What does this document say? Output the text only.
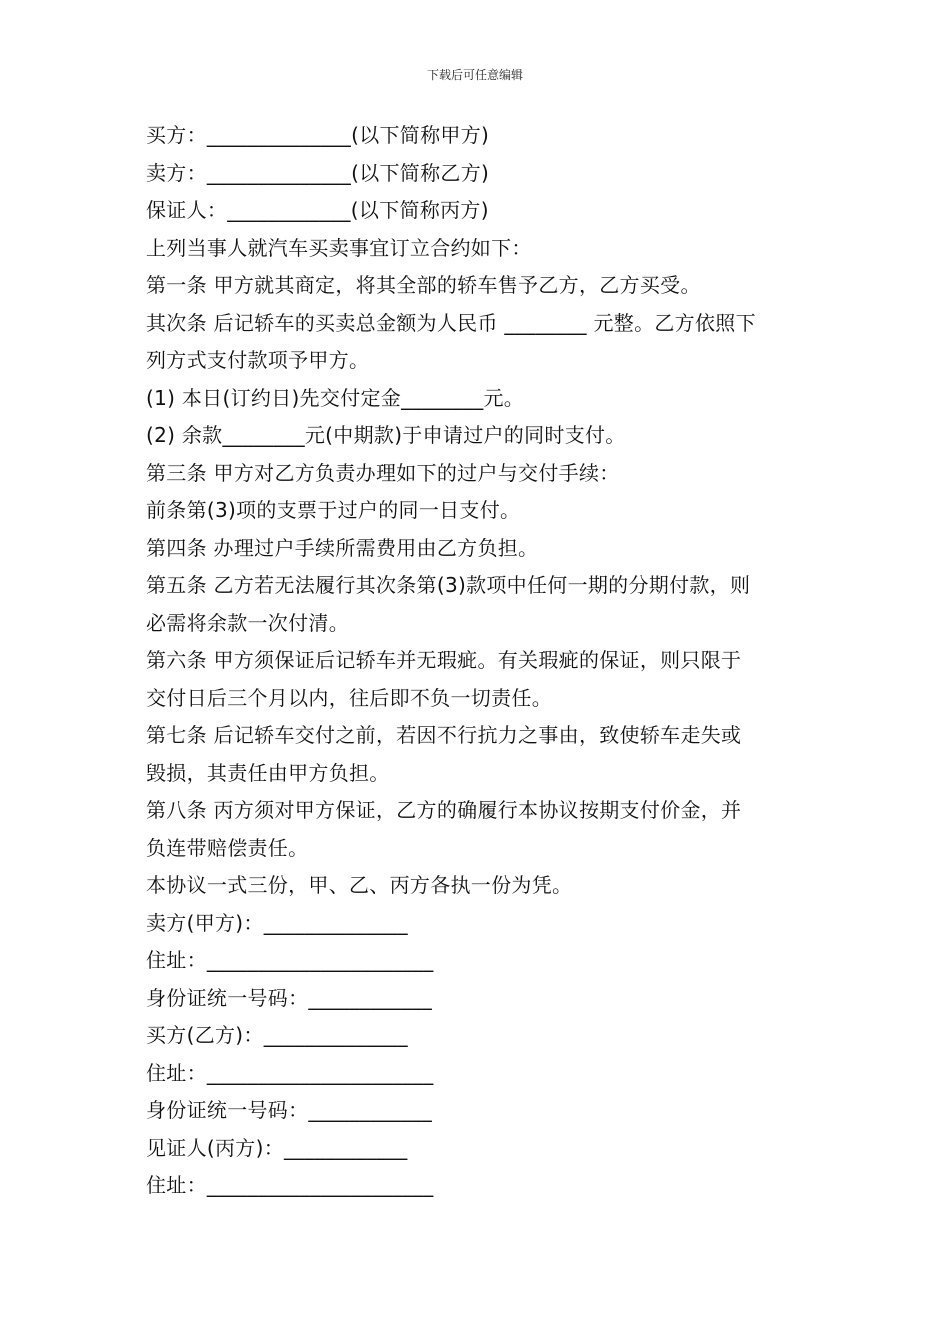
下载后可任意编辑
买方：______________(以下简称甲方)
卖方：______________(以下简称乙方)
保证人：____________(以下简称丙方)
上列当事人就汽车买卖事宜订立合约如下：
第一条 甲方就其商定，将其全部的轿车售予乙方，乙方买受。
其次条 后记轿车的买卖总金额为人民币 ________ 元整。乙方依照下
列方式支付款项予甲方。
(1) 本日(订约日)先交付定金________元。
(2) 余款________元(中期款)于申请过户的同时支付。
第三条 甲方对乙方负责办理如下的过户与交付手续：
前条第(3)项的支票于过户的同一日支付。
第四条 办理过户手续所需费用由乙方负担。
第五条 乙方若无法履行其次条第(3)款项中任何一期的分期付款，则
必需将余款一次付清。
第六条 甲方须保证后记轿车并无瑕疵。有关瑕疵的保证，则只限于
交付日后三个月以内，往后即不负一切责任。
第七条 后记轿车交付之前，若因不行抗力之事由，致使轿车走失或
毁损，其责任由甲方负担。
第八条 丙方须对甲方保证，乙方的确履行本协议按期支付价金，并
负连带赔偿责任。
本协议一式三份，甲、乙、丙方各执一份为凭。
卖方(甲方)：______________
住址：______________________
身份证统一号码：____________
买方(乙方)：______________
住址：______________________
身份证统一号码：____________
见证人(丙方)：____________
住址：______________________
